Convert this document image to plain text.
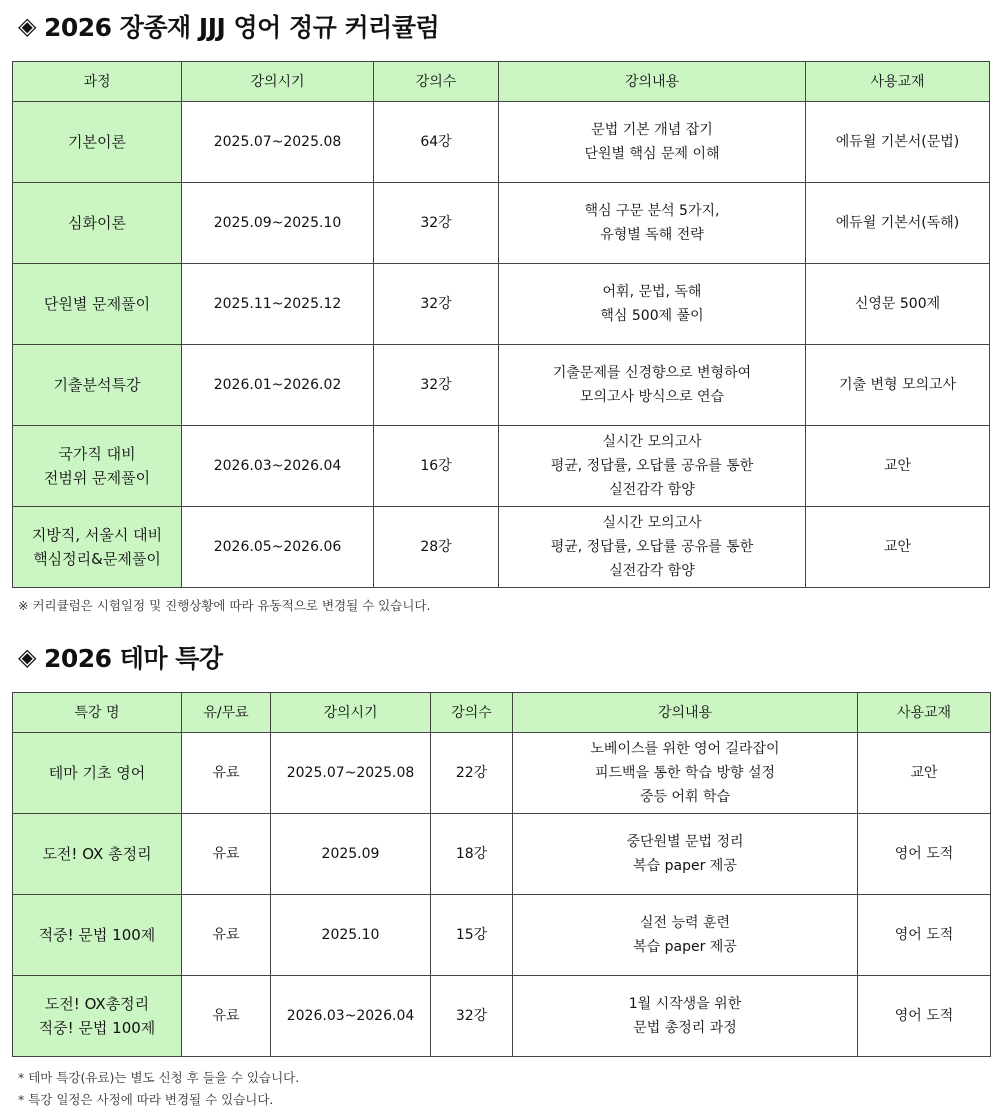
◈ 2026 장종재 JJJ 영어 정규 커리큘럼
과정	강의시기	강의수	강의내용	사용교재

기본이론	2025.07~2025.08	64강	문법 기본 개념 잡기
단원별 핵심 문제 이해	에듀윌 기본서(문법)

심화이론	2025.09~2025.10	32강	핵심 구문 분석 5가지,
유형별 독해 전략	에듀윌 기본서(독해)

단원별 문제풀이	2025.11~2025.12	32강	어휘, 문법, 독해
핵심 500제 풀이	신영문 500제

기출분석특강	2026.01~2026.02	32강	기출문제를 신경향으로 변형하여
모의고사 방식으로 연습	기출 변형 모의고사

국가직 대비
전범위 문제풀이	2026.03~2026.04	16강	실시간 모의고사
평균, 정답률, 오답률 공유를 통한
실전감각 함양	교안

지방직, 서울시 대비
핵심정리&문제풀이	2026.05~2026.06	28강	실시간 모의고사
평균, 정답률, 오답률 공유를 통한
실전감각 함양	교안
※ 커리큘럼은 시험일정 및 진행상황에 따라 유동적으로 변경될 수 있습니다.
◈ 2026 테마 특강
특강 명	유/무료	강의시기	강의수	강의내용	사용교재

테마 기초 영어	유료	2025.07~2025.08	22강	노베이스를 위한 영어 길라잡이
피드백을 통한 학습 방향 설정
중등 어휘 학습	교안

도전! OX 총정리	유료	2025.09	18강	중단원별 문법 정리
복습 paper 제공	영어 도적

적중! 문법 100제	유료	2025.10	15강	실전 능력 훈련
복습 paper 제공	영어 도적

도전! OX총정리
적중! 문법 100제	유료	2026.03~2026.04	32강	1월 시작생을 위한
문법 총정리 과정	영어 도적
* 테마 특강(유료)는 별도 신청 후 들을 수 있습니다.
* 특강 일정은 사정에 따라 변경될 수 있습니다.
